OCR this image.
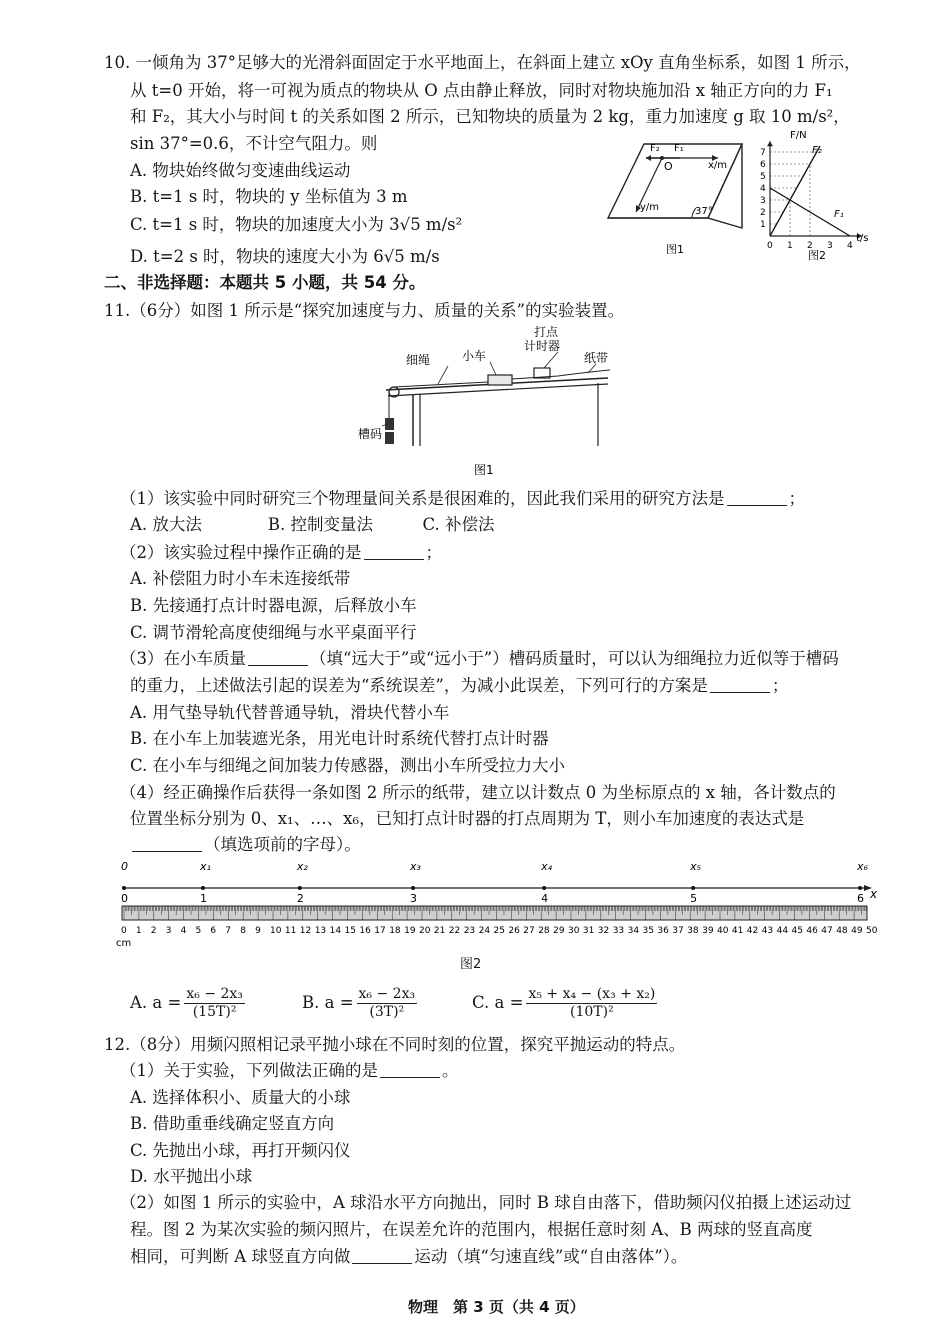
10. 一倾角为 37°足够大的光滑斜面固定于水平地面上，在斜面上建立 xOy 直角坐标系，如图 1 所示，
从 t=0 开始，将一可视为质点的物块从 O 点由静止释放，同时对物块施加沿 x 轴正方向的力 F₁
和 F₂，其大小与时间 t 的关系如图 2 所示，已知物块的质量为 2 kg，重力加速度 g 取 10 m/s²，
sin 37°=0.6，不计空气阻力。则
A. 物块始终做匀变速曲线运动
B. t=1 s 时，物块的 y 坐标值为 3 m
C. t=1 s 时，物块的加速度大小为 3√5 m/s²
D. t=2 s 时，物块的速度大小为 6√5 m/s
F₂ F₁
O	x/m
y/m	37°
图1
F₁
F₂
1
2
3
4
5
6
7
0 1 2 3 4
F/N
t/s
图2
二、非选择题：本题共 5 小题，共 54 分。
11.（6分）如图 1 所示是“探究加速度与力、质量的关系”的实验装置。
打点
计时器
细绳	小车	纸带
槽码
图1
（1）该实验中同时研究三个物理量间关系是很困难的，因此我们采用的研究方法是	；
A. 放大法　　　　B. 控制变量法　　　C. 补偿法
（2）该实验过程中操作正确的是	；
A. 补偿阻力时小车未连接纸带
B. 先接通打点计时器电源，后释放小车
C. 调节滑轮高度使细绳与水平桌面平行
（3）在小车质量	（填“远大于”或“远小于”）槽码质量时，可以认为细绳拉力近似等于槽码
的重力，上述做法引起的误差为“系统误差”，为减小此误差，下列可行的方案是	；
A. 用气垫导轨代替普通导轨，滑块代替小车
B. 在小车上加装遮光条，用光电计时系统代替打点计时器
C. 在小车与细绳之间加装力传感器，测出小车所受拉力大小
（4）经正确操作后获得一条如图 2 所示的纸带，建立以计数点 0 为坐标原点的 x 轴，各计数点的
位置坐标分别为 0、x₁、…、x₆，已知打点计时器的打点周期为 T，则小车加速度的表达式是
（填选项前的字母）。
0	x₁	x₂	x₃	x₄	x₅	x₆
x
0	1	2	3	4	5	6
0 1 2 3 4 5 6 7 8 9 10 11 12 13 14 15 16 17 18 19 20 21 22 23 24 25 26 27 28 29 30 31 32 33 34 35 36 37 38 39 40 41 42 43 44 45 46 47 48 49 50
cm
图2
A. $a = \frac{\text{x₆ − 2x₃}}{\text{(15T)²}}$	B. $a = \frac{\text{x₆ − 2x₃}}{\text{(3T)²}}$	C. $a = \frac{\text{x₅ + x₄ − (x₃ + x₂)}}{\text{(10T)²}}$
12.（8分）用频闪照相记录平抛小球在不同时刻的位置，探究平抛运动的特点。
（1）关于实验，下列做法正确的是	。
A. 选择体积小、质量大的小球
B. 借助重垂线确定竖直方向
C. 先抛出小球，再打开频闪仪
D. 水平抛出小球
（2）如图 1 所示的实验中，A 球沿水平方向抛出，同时 B 球自由落下，借助频闪仪拍摄上述运动过
程。图 2 为某次实验的频闪照片，在误差允许的范围内，根据任意时刻 A、B 两球的竖直高度
相同，可判断 A 球竖直方向做	运动（填“匀速直线”或“自由落体”）。
物理　第 3 页（共 4 页）
